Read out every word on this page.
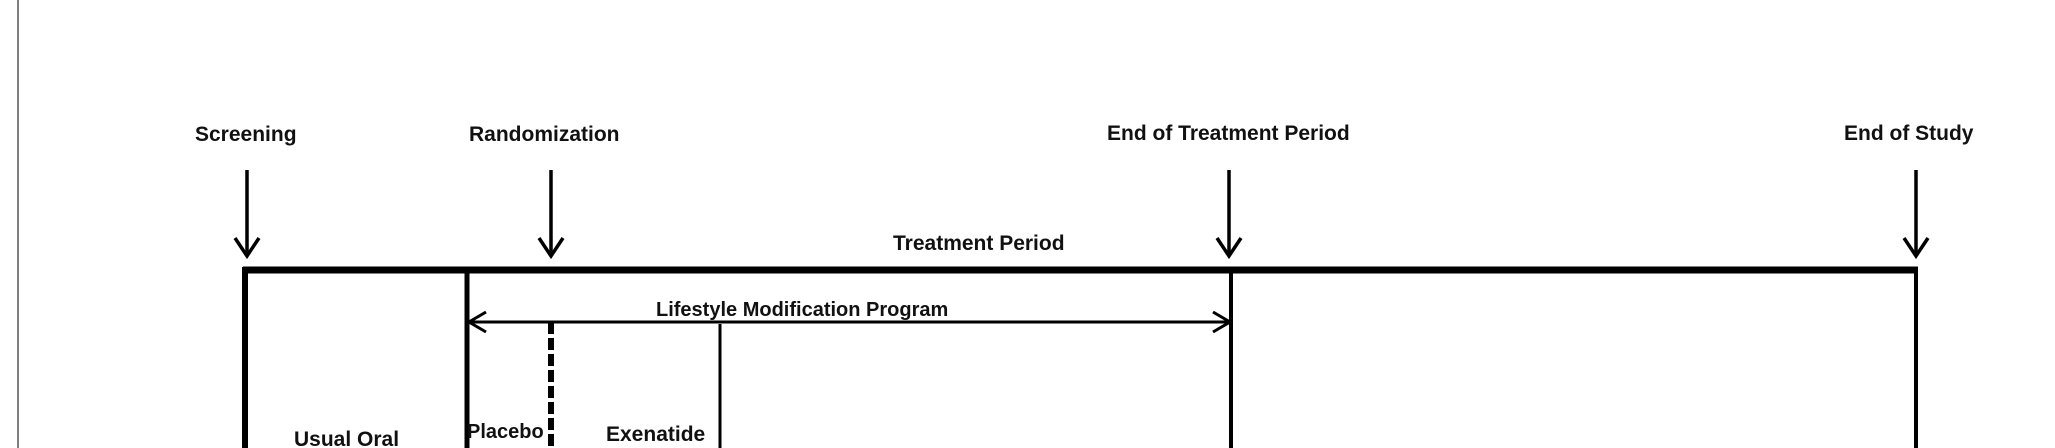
Screening	Randomization	End of Treatment Period	End of Study
Treatment Period
Lifestyle Modification Program
Usual Oral	Placebo	Exenatide
